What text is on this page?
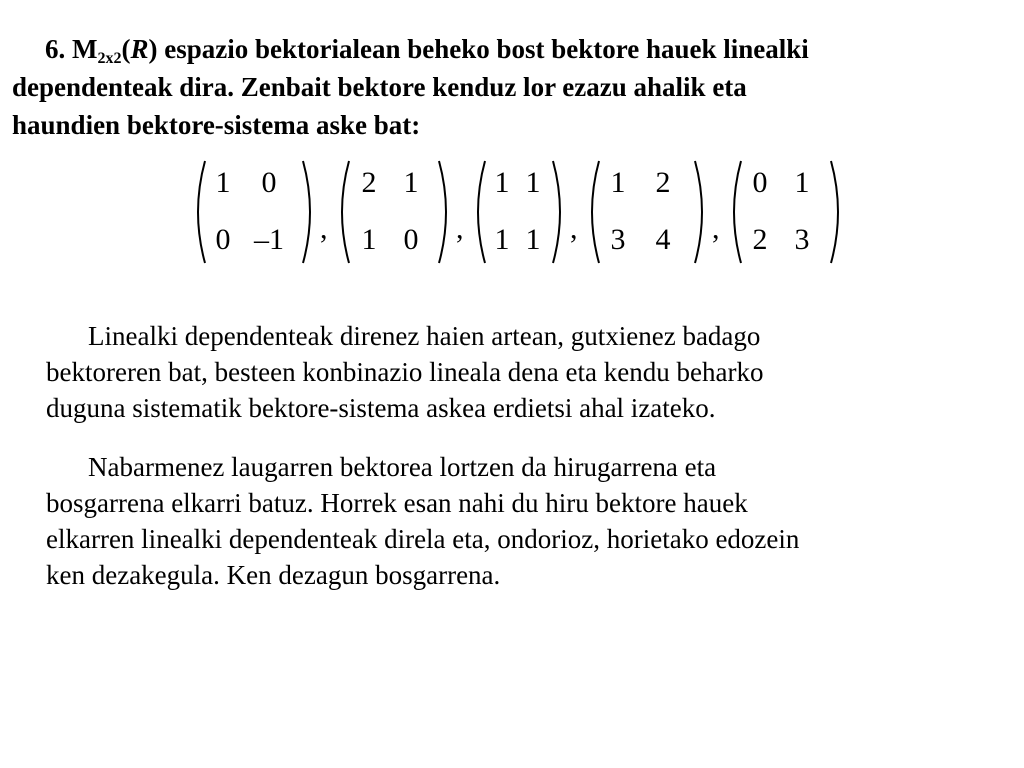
6. $M_{2x2}(R)$ espazio bektorialean beheko bost bektore hauek linealki
dependenteak dira. Zenbait bektore kenduz lor ezazu ahalik eta
haundien bektore-sistema aske bat:
1	0
0 –1	,
2 1
1 0	,
1 1
1 1 ,
1	2
3	4	,
0 1
2 3
Linealki dependenteak direnez haien artean, gutxienez badago
bektoreren bat, besteen konbinazio lineala dena eta kendu beharko
duguna sistematik bektore-sistema askea erdietsi ahal izateko.
Nabarmenez laugarren bektorea lortzen da hirugarrena eta
bosgarrena elkarri batuz. Horrek esan nahi du hiru bektore hauek
elkarren linealki dependenteak direla eta, ondorioz, horietako edozein
ken dezakegula. Ken dezagun bosgarrena.
